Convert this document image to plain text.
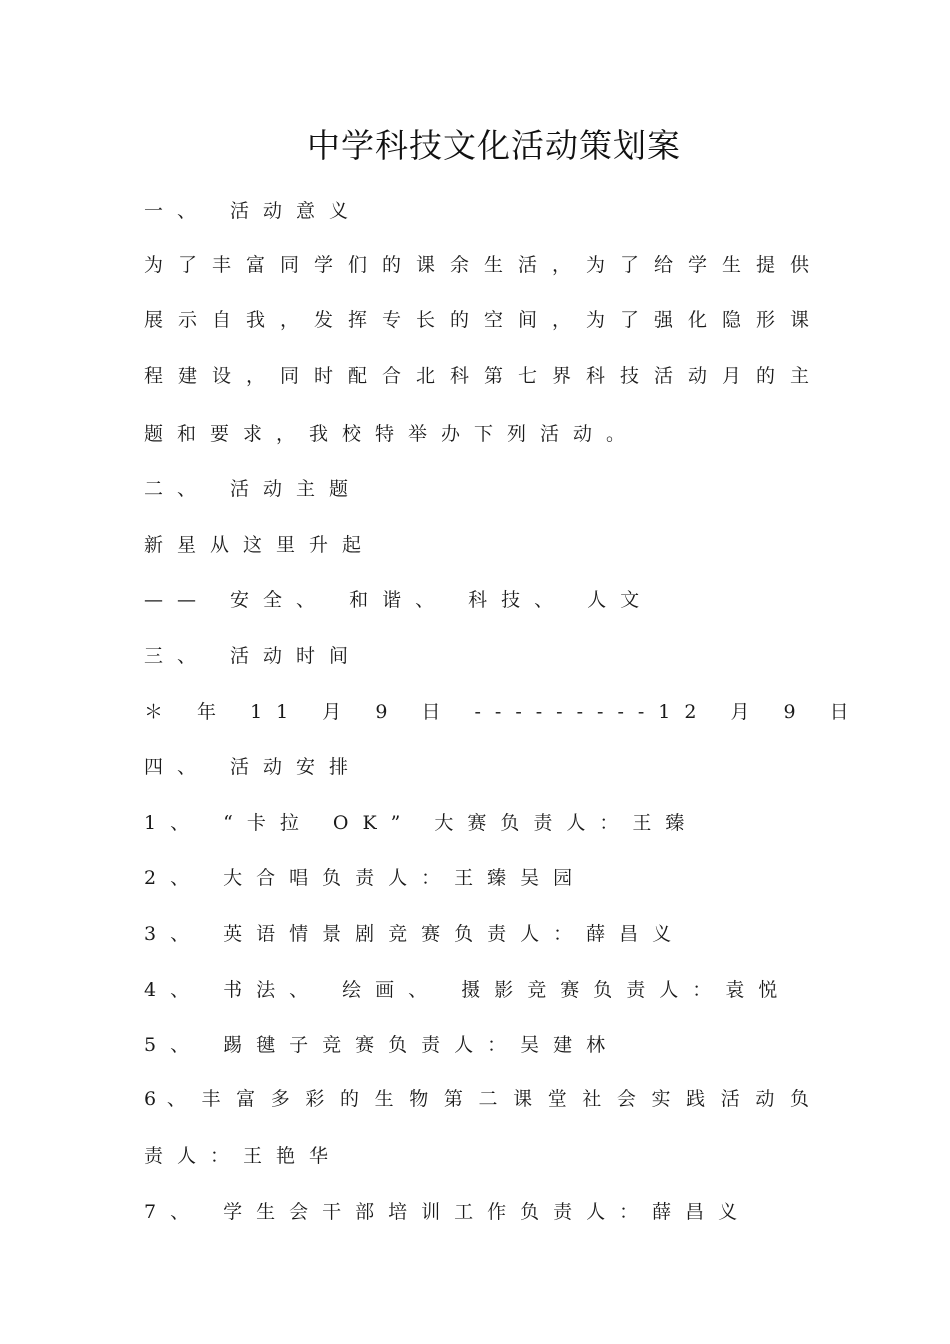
中学科技文化活动策划案
一、 活动意义
为 了 丰 富 同 学 们 的 课 余 生 活 ， 为 了 给 学 生 提 供
展 示 自 我 ， 发 挥 专 长 的 空 间 ， 为 了 强 化 隐 形 课
程 建 设 ， 同 时 配 合 北 科 第 七 界 科 技 活 动 月 的 主
题和要求，我校特举办下列活动。
二、 活动主题
新星从这里升起
—— 安全、 和谐、 科技、 人文
三、 活动时间
＊ 年 11 月 9 日 ---------12 月 9 日
四、 活动安排
1、 “卡拉 OK” 大赛负责人：王臻
2、 大合唱负责人：王臻吴园
3、 英语情景剧竞赛负责人：薛昌义
4、 书法、 绘画、 摄影竞赛负责人：袁悦
5、 踢毽子竞赛负责人：吴建林
6 、 丰 富 多 彩 的 生 物 第 二 课 堂 社 会 实 践 活 动 负
责人：王艳华
7、 学生会干部培训工作负责人：薛昌义
